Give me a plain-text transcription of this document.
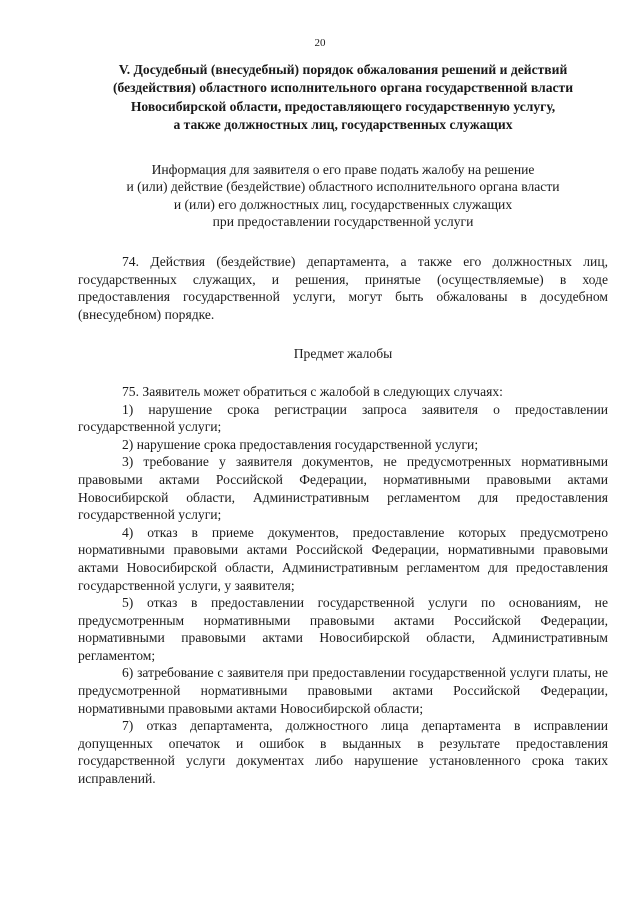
20
V. Досудебный (внесудебный) порядок обжалования решений и действий
(бездействия) областного исполнительного органа государственной власти
Новосибирской области, предоставляющего государственную услугу,
а также должностных лиц, государственных служащих
Информация для заявителя о его праве подать жалобу на решение
и (или) действие (бездействие) областного исполнительного органа власти
и (или) его должностных лиц, государственных служащих
при предоставлении государственной услуги

74. Действия (бездействие) департамента, а также его должностных лиц, государственных служащих, и решения, принятые (осуществляемые) в ходе предоставления государственной услуги, могут быть обжалованы в досудебном (внесудебном) порядке.

Предмет жалобы

75. Заявитель может обратиться с жалобой в следующих случаях:

1) нарушение срока регистрации запроса заявителя о предоставлении государственной услуги;
2) нарушение срока предоставления государственной услуги;
3) требование у заявителя документов, не предусмотренных нормативными правовыми актами Российской Федерации, нормативными правовыми актами Новосибирской области, Административным регламентом для предоставления государственной услуги;
4) отказ в приеме документов, предоставление которых предусмотрено нормативными правовыми актами Российской Федерации, нормативными правовыми актами Новосибирской области, Административным регламентом для предоставления государственной услуги, у заявителя;
5) отказ в предоставлении государственной услуги по основаниям, не предусмотренным нормативными правовыми актами Российской Федерации, нормативными правовыми актами Новосибирской области, Административным регламентом;
6) затребование с заявителя при предоставлении государственной услуги платы, не предусмотренной нормативными правовыми актами Российской Федерации, нормативными правовыми актами Новосибирской области;
7) отказ департамента, должностного лица департамента в исправлении допущенных опечаток и ошибок в выданных в результате предоставления государственной услуги документах либо нарушение установленного срока таких исправлений.
